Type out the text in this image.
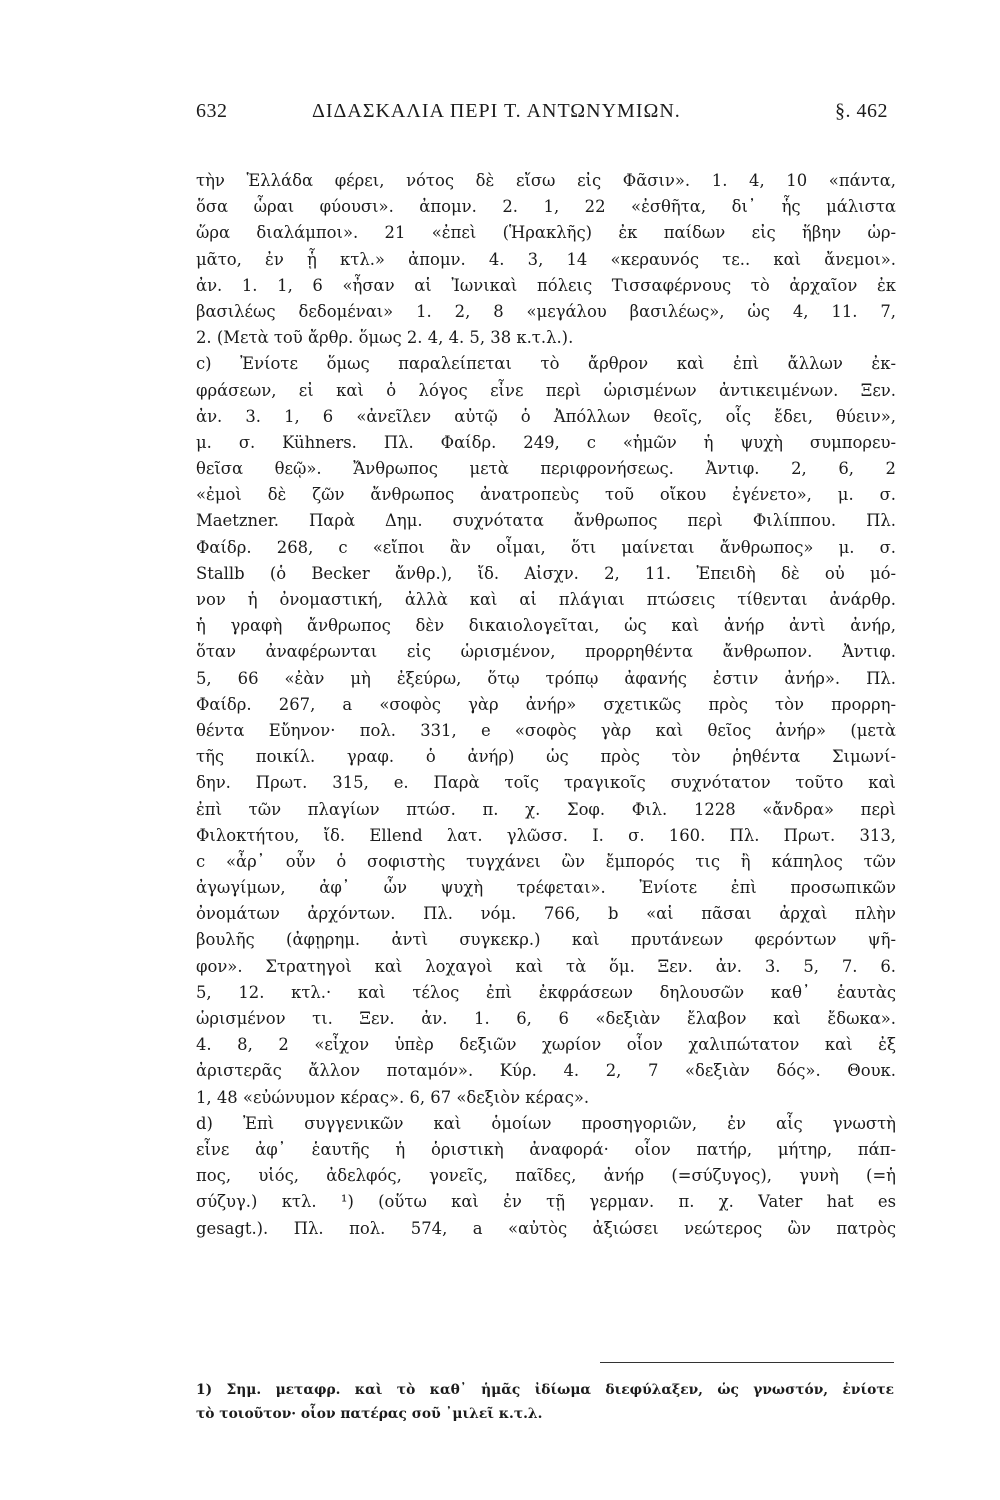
632	ΔΙΔΑΣΚΑΛΙΑ ΠΕΡΙ Τ. ΑΝΤΩΝΥΜΙΩΝ.	§. 462
τὴν Ἑλλάδα φέρει, νότος δὲ εἴσω εἰς Φᾶσιν». 1. 4, 10 «πάντα,
ὅσα ὧραι φύουσι». ἀπομν. 2. 1, 22 «ἐσθῆτα, δι᾽ ἧς μάλιστα
ὥρα διαλάμποι». 21 «ἐπεὶ (Ἡρακλῆς) ἐκ παίδων εἰς ἥβην ὡρ-
μᾶτο, ἐν ᾗ κτλ.» ἀπομν. 4. 3, 14 «κεραυνός τε.. καὶ ἄνεμοι».
ἀν. 1. 1, 6 «ἦσαν αἱ Ἰωνικαὶ πόλεις Τισσαφέρνους τὸ ἀρχαῖον ἐκ
βασιλέως δεδομέναι» 1. 2, 8 «μεγάλου βασιλέως», ὡς 4, 11. 7,
2. (Μετὰ τοῦ ἄρθρ. ὅμως 2. 4, 4. 5, 38 κ.τ.λ.).
c) Ἐνίοτε ὅμως παραλείπεται τὸ ἄρθρον καὶ ἐπὶ ἄλλων ἐκ-
φράσεων, εἰ καὶ ὁ λόγος εἶνε περὶ ὡρισμένων ἀντικειμένων. Ξεν.
ἀν. 3. 1, 6 «ἀνεῖλεν αὐτῷ ὁ Ἀπόλλων θεοῖς, οἷς ἔδει, θύειν»,
μ. σ. Kühners. Πλ. Φαίδρ. 249, c «ἡμῶν ἡ ψυχὴ συμπορευ-
θεῖσα θεῷ». Ἄνθρωπος μετὰ περιφρονήσεως. Ἀντιφ. 2, 6, 2
«ἐμοὶ δὲ ζῶν ἄνθρωπος ἀνατροπεὺς τοῦ οἴκου ἐγένετο», μ. σ.
Maetzner. Παρὰ Δημ. συχνότατα ἄνθρωπος περὶ Φιλίππου. Πλ.
Φαίδρ. 268, c «εἴποι ἂν οἶμαι, ὅτι μαίνεται ἄνθρωπος» μ. σ.
Stallb (ὁ Becker ἄνθρ.), ἴδ. Αἰσχν. 2, 11. Ἐπειδὴ δὲ οὐ μό-
νον ἡ ὀνομαστική, ἀλλὰ καὶ αἱ πλάγιαι πτώσεις τίθενται ἀνάρθρ.
ἡ γραφὴ ἄνθρωπος δὲν δικαιολογεῖται, ὡς καὶ ἀνήρ ἀντὶ ἀνήρ,
ὅταν ἀναφέρωνται εἰς ὡρισμένον, προρρηθέντα ἄνθρωπον. Ἀντιφ.
5, 66 «ἐὰν μὴ ἐξεύρω, ὅτῳ τρόπῳ ἀφανής ἐστιν ἀνήρ». Πλ.
Φαίδρ. 267, a «σοφὸς γὰρ ἀνήρ» σχετικῶς πρὸς τὸν προρρη-
θέντα Εὔηνον· πολ. 331, e «σοφὸς γὰρ καὶ θεῖος ἀνήρ» (μετὰ
τῆς ποικίλ. γραφ. ὁ ἀνήρ) ὡς πρὸς τὸν ῥηθέντα Σιμωνί-
δην. Πρωτ. 315, e. Παρὰ τοῖς τραγικοῖς συχνότατον τοῦτο καὶ
ἐπὶ τῶν πλαγίων πτώσ. π. χ. Σοφ. Φιλ. 1228 «ἄνδρα» περὶ
Φιλοκτήτου, ἴδ. Ellend λατ. γλῶσσ. I. σ. 160. Πλ. Πρωτ. 313,
c «ἆρ᾽ οὖν ὁ σοφιστὴς τυγχάνει ὢν ἔμπορός τις ἢ κάπηλος τῶν
ἀγωγίμων, ἀφ᾽ ὧν ψυχὴ τρέφεται». Ἐνίοτε ἐπὶ προσωπικῶν
ὀνομάτων ἀρχόντων. Πλ. νόμ. 766, b «αἱ πᾶσαι ἀρχαὶ πλὴν
βουλῆς (ἀφῃρημ. ἀντὶ συγκεκρ.) καὶ πρυτάνεων φερόντων ψῆ-
φον». Στρατηγοὶ καὶ λοχαγοὶ καὶ τὰ ὅμ. Ξεν. ἀν. 3. 5, 7. 6.
5, 12. κτλ.· καὶ τέλος ἐπὶ ἐκφράσεων δηλουσῶν καθ᾽ ἑαυτὰς
ὡρισμένον τι. Ξεν. ἀν. 1. 6, 6 «δεξιὰν ἔλαβον καὶ ἔδωκα».
4. 8, 2 «εἶχον ὑπὲρ δεξιῶν χωρίον οἷον χαλιπώτατον καὶ ἐξ
ἀριστερᾶς ἄλλον ποταμόν». Κύρ. 4. 2, 7 «δεξιὰν δός». Θουκ.
1, 48 «εὐώνυμον κέρας». 6, 67 «δεξιὸν κέρας».
d) Ἐπὶ συγγενικῶν καὶ ὁμοίων προσηγοριῶν, ἐν αἷς γνωστὴ
εἶνε ἀφ᾽ ἑαυτῆς ἡ ὁριστικὴ ἀναφορά· οἷον πατήρ, μήτηρ, πάπ-
πος, υἱός, ἀδελφός, γονεῖς, παῖδες, ἀνήρ (=σύζυγος), γυνὴ (=ἡ
σύζυγ.) κτλ. ¹) (οὕτω καὶ ἐν τῇ γερμαν. π. χ. Vater hat es
gesagt.). Πλ. πολ. 574, a «αὐτὸς ἀξιώσει νεώτερος ὢν πατρὸς
1) Σημ. μεταφρ. καὶ τὸ καθ᾽ ἡμᾶς ἰδίωμα διεφύλαξεν, ὡς γνωστόν, ἐνίοτε
τὸ τοιοῦτον· οἷον πατέρας σοῦ ᾽μιλεῖ κ.τ.λ.
